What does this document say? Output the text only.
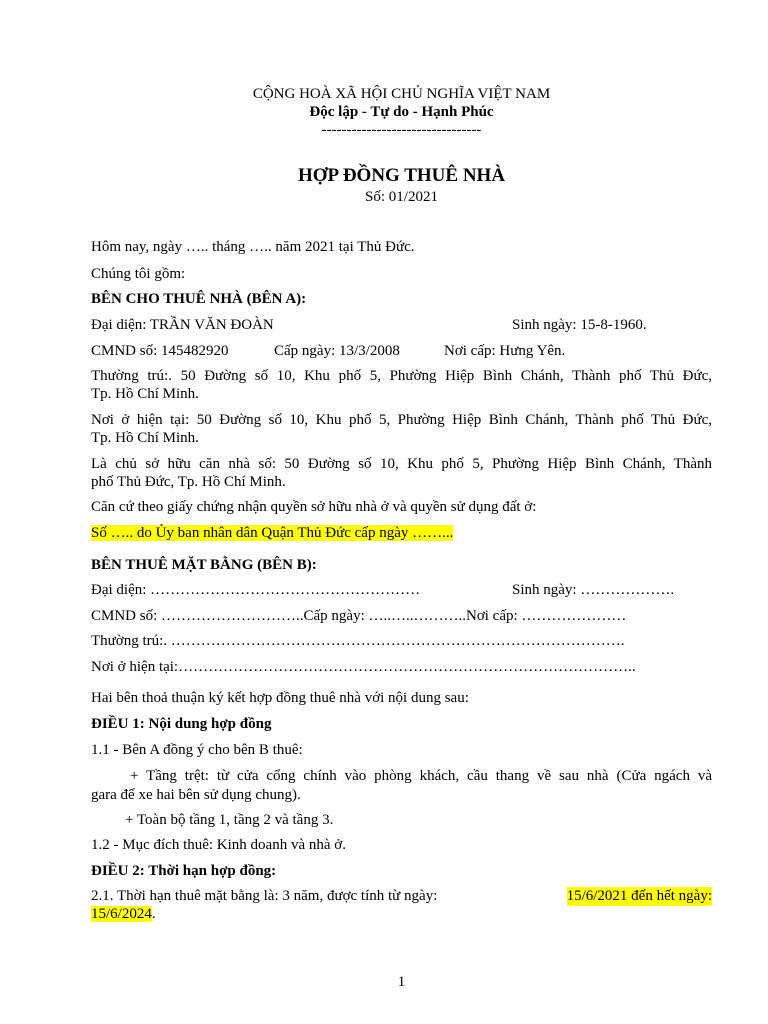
CỘNG HOÀ XÃ HỘI CHỦ NGHĨA VIỆT NAM
Độc lập - Tự do - Hạnh Phúc
--------------------------------
HỢP ĐỒNG THUÊ NHÀ
Số: 01/2021
Hôm nay, ngày ….. tháng ….. năm 2021 tại Thủ Đức.
Chúng tôi gồm:
BÊN CHO THUÊ NHÀ (BÊN A):
Đại diện: TRẦN VĂN ĐOÀN	Sinh ngày: 15-8-1960.
CMND số: 145482920	Cấp ngày: 13/3/2008	Nơi cấp: Hưng Yên.
Thường trú:. 50 Đường số 10, Khu phố 5, Phường Hiệp Bình Chánh, Thành phố Thủ Đức,
Tp. Hồ Chí Minh.
Nơi ở hiện tại: 50 Đường số 10, Khu phố 5, Phường Hiệp Bình Chánh, Thành phố Thủ Đức,
Tp. Hồ Chí Minh.
Là chủ sở hữu căn nhà số: 50 Đường số 10, Khu phố 5, Phường Hiệp Bình Chánh, Thành
phố Thủ Đức, Tp. Hồ Chí Minh.
Căn cứ theo giấy chứng nhận quyền sở hữu nhà ở và quyền sử dụng đất ở:
Số ….. do Ủy ban nhân dân Quận Thủ Đức cấp ngày ……...
BÊN THUÊ MẶT BẰNG (BÊN B):
Đại diện: ………………………………………………	Sinh ngày: ……………….
CMND số: ………………………..Cấp ngày: …..…..………..Nơi cấp: …………………
Thường trú:. ……………………………………………………………………………….
Nơi ở hiện tại:………………………………………………………………………………..
Hai bên thoả thuận ký kết hợp đồng thuê nhà với nội dung sau:
ĐIỀU 1: Nội dung hợp đồng
1.1 - Bên A đồng ý cho bên B thuê:
+ Tầng trệt: từ cửa cổng chính vào phòng khách, cầu thang về sau nhà (Cửa ngách và
gara để xe hai bên sử dụng chung).
+ Toàn bộ tầng 1, tầng 2 và tầng 3.
1.2 - Mục đích thuê: Kinh doanh và nhà ở.
ĐIỀU 2: Thời hạn hợp đồng:
2.1. Thời hạn thuê mặt bằng là: 3 năm, được tính từ ngày:	15/6/2021 đến hết ngày:
15/6/2024.
1
